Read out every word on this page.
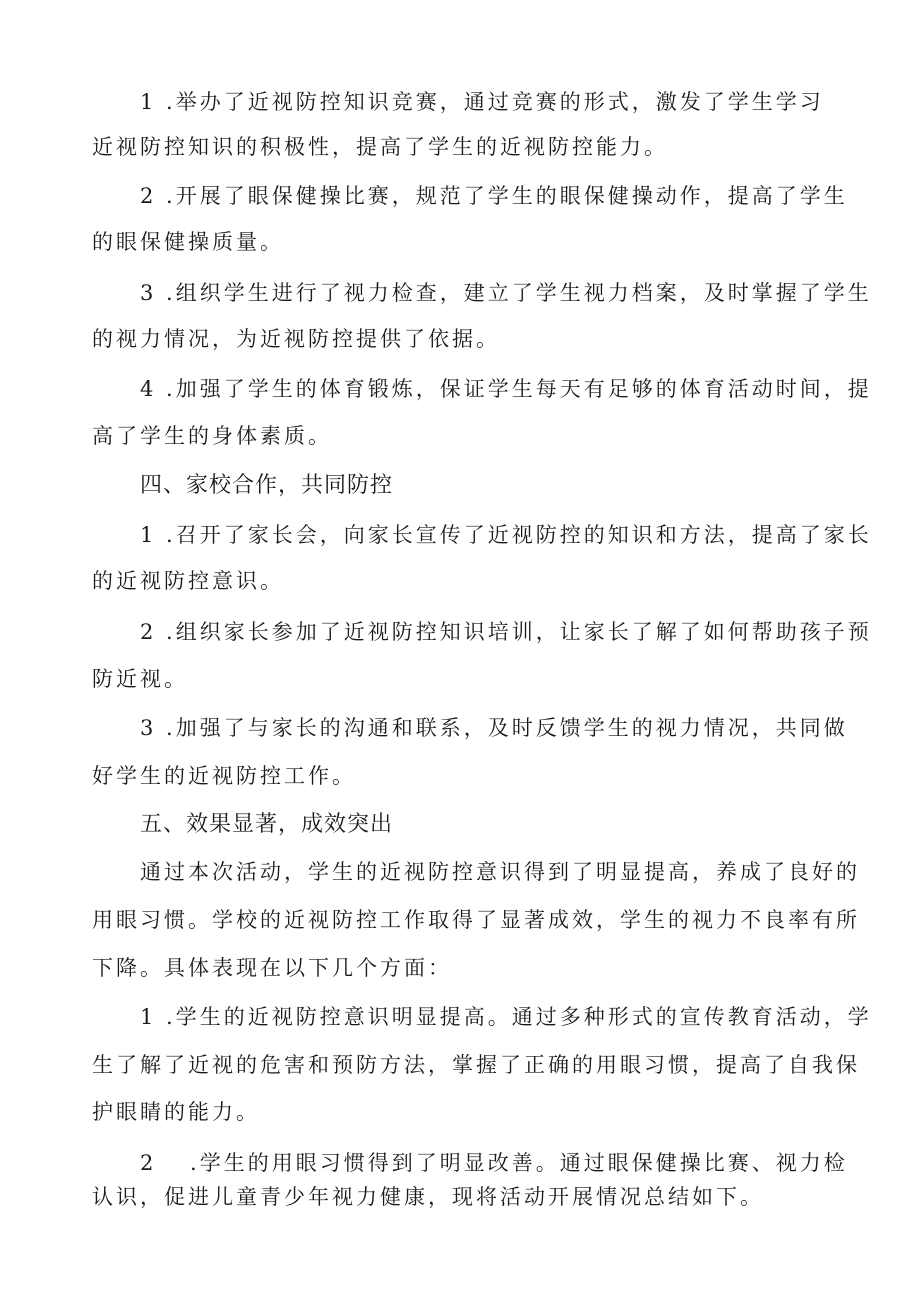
1 .举办了近视防控知识竞赛，通过竞赛的形式，激发了学生学习
近视防控知识的积极性，提高了学生的近视防控能力。
2 .开展了眼保健操比赛，规范了学生的眼保健操动作，提高了学生
的眼保健操质量。
3 .组织学生进行了视力检查，建立了学生视力档案，及时掌握了学生
的视力情况，为近视防控提供了依据。
4 .加强了学生的体育锻炼，保证学生每天有足够的体育活动时间，提
高了学生的身体素质。
四、家校合作，共同防控
1 .召开了家长会，向家长宣传了近视防控的知识和方法，提高了家长
的近视防控意识。
2 .组织家长参加了近视防控知识培训，让家长了解了如何帮助孩子预
防近视。
3 .加强了与家长的沟通和联系，及时反馈学生的视力情况，共同做
好学生的近视防控工作。
五、效果显著，成效突出
通过本次活动，学生的近视防控意识得到了明显提高，养成了良好的
用眼习惯。学校的近视防控工作取得了显著成效，学生的视力不良率有所
下降。具体表现在以下几个方面：
1 .学生的近视防控意识明显提高。通过多种形式的宣传教育活动，学
生了解了近视的危害和预防方法，掌握了正确的用眼习惯，提高了自我保
护眼睛的能力。
2 　.学生的用眼习惯得到了明显改善。通过眼保健操比赛、视力检
认识，促进儿童青少年视力健康，现将活动开展情况总结如下。
